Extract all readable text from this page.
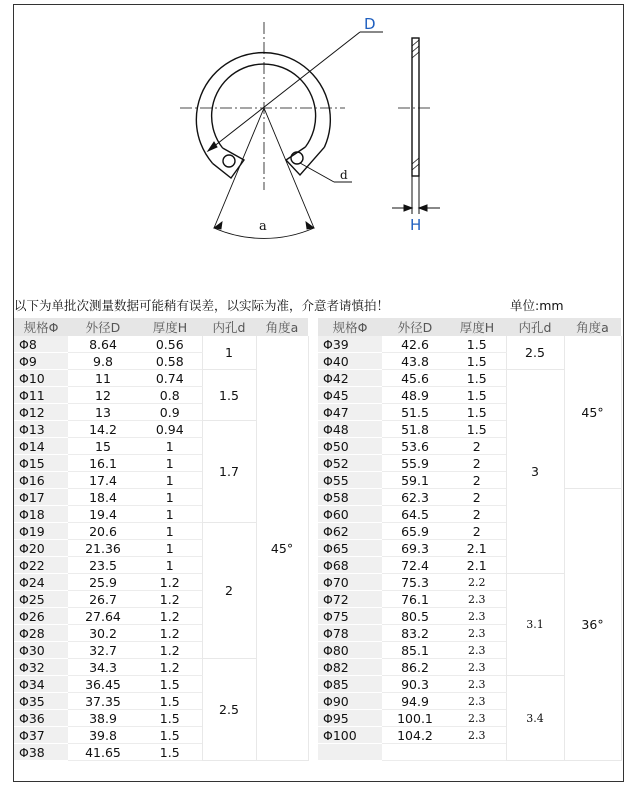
D
d
a	H
以下为单批次测量数据可能稍有误差，以实际为准，介意者请慎拍！	单位:mm
规格Φ	外径D	厚度H	内孔d	角度a
Φ8	8.64	0.56	1	45°
Φ9	9.8	0.58		
Φ10	11	0.74	1.5	
Φ11	12	0.8		
Φ12	13	0.9		
Φ13	14.2	0.94	1.7	
Φ14	15	1		
Φ15	16.1	1		
Φ16	17.4	1		
Φ17	18.4	1		
Φ18	19.4	1		
Φ19	20.6	1	2	
Φ20	21.36	1		
Φ22	23.5	1		
Φ24	25.9	1.2		
Φ25	26.7	1.2		
Φ26	27.64	1.2		
Φ28	30.2	1.2		
Φ30	32.7	1.2		
Φ32	34.3	1.2	2.5	
Φ34	36.45	1.5		
Φ35	37.35	1.5		
Φ36	38.9	1.5		
Φ37	39.8	1.5		
Φ38	41.65	1.5		
规格Φ	外径D	厚度H	内孔d	角度a
Φ39	42.6	1.5	2.5	45°
Φ40	43.8	1.5		
Φ42	45.6	1.5	3	
Φ45	48.9	1.5		
Φ47	51.5	1.5		
Φ48	51.8	1.5		
Φ50	53.6	2		
Φ52	55.9	2		
Φ55	59.1	2		
Φ58	62.3	2		36°
Φ60	64.5	2		
Φ62	65.9	2		
Φ65	69.3	2.1		
Φ68	72.4	2.1		
Φ70	75.3	2.2	3.1	
Φ72	76.1	2.3		
Φ75	80.5	2.3		
Φ78	83.2	2.3		
Φ80	85.1	2.3		
Φ82	86.2	2.3		
Φ85	90.3	2.3	3.4	
Φ90	94.9	2.3		
Φ95	100.1	2.3		
Φ100	104.2	2.3		
